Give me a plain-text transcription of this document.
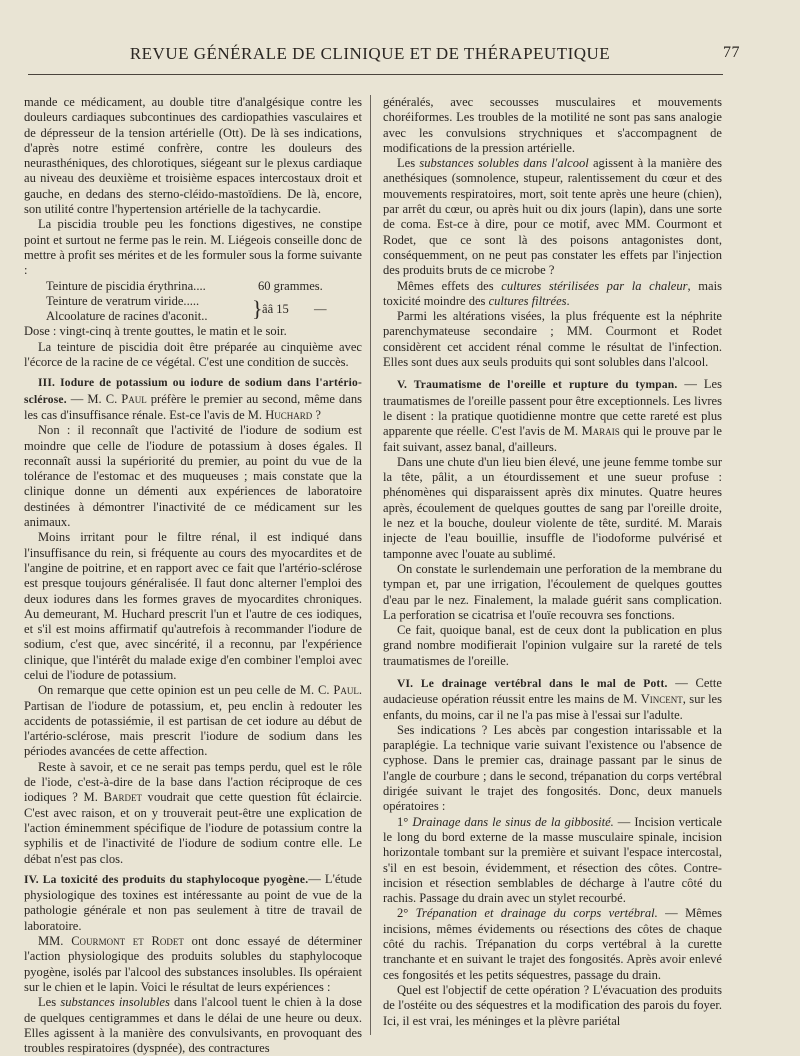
REVUE GÉNÉRALE DE CLINIQUE ET DE THÉRAPEUTIQUE	77

mande ce médicament, au double titre d'analgésique contre les douleurs cardiaques subcontinues des cardiopathies vasculaires et de dépresseur de la tension artérielle (Ott). De là ses indications, d'après notre estimé confrère, contre les douleurs des neurasthéniques, des chlorotiques, siégeant sur le plexus cardiaque au niveau des deuxième et troisième espaces intercostaux droit et gauche, en dedans des sterno-cléido-mastoïdiens. De là, encore, son utilité contre l'hypertension artérielle de la tachycardie.

La piscidia trouble peu les fonctions digestives, ne constipe point et surtout ne ferme pas le rein. M. Liégeois conseille donc de mettre à profit ses mérites et de les formuler sous la forme suivante :

Teinture de piscidia érythrina....	60 grammes.
Teinture de veratrum viride.....
Alcoolature de racines d'aconit..	} ââ 15 —

Dose : vingt-cinq à trente gouttes, le matin et le soir.

La teinture de piscidia doit être préparée au cinquième avec l'écorce de la racine de ce végétal. C'est une condition de succès.

III. Iodure de potassium ou iodure de sodium dans l'artério-sclérose. — M. C. Paul préfère le premier au second, même dans les cas d'insuffisance rénale. Est-ce l'avis de M. Huchard ?

Non : il reconnaît que l'activité de l'iodure de sodium est moindre que celle de l'iodure de potassium à doses égales. Il reconnaît aussi la supériorité du premier, au point du vue de la tolérance de l'estomac et des muqueuses ; mais constate que la clinique donne un démenti aux expériences de laboratoire destinées à démontrer l'inactivité de ce médicament sur les animaux.

Moins irritant pour le filtre rénal, il est indiqué dans l'insuffisance du rein, si fréquente au cours des myocardites et de l'angine de poitrine, et en rapport avec ce fait que l'artério-sclérose est presque toujours généralisée. Il faut donc alterner l'emploi des deux iodures dans les formes graves de myocardites chroniques. Au demeurant, M. Huchard prescrit l'un et l'autre de ces iodiques, et s'il est moins affirmatif qu'autrefois à recommander l'iodure de sodium, c'est que, avec sincérité, il a reconnu, par l'expérience clinique, que l'intérêt du malade exige d'en combiner l'emploi avec celui de l'iodure de potassium.

On remarque que cette opinion est un peu celle de M. C. Paul. Partisan de l'iodure de potassium, et, peu enclin à redouter les accidents de potassiémie, il est partisan de cet iodure au début de l'artério-sclérose, mais prescrit l'iodure de sodium dans les périodes avancées de cette affection.

Reste à savoir, et ce ne serait pas temps perdu, quel est le rôle de l'iode, c'est-à-dire de la base dans l'action réciproque de ces iodiques ? M. Bardet voudrait que cette question fût éclaircie. C'est avec raison, et on y trouverait peut-être une explication de l'action éminemment spécifique de l'iodure de potassium contre la syphilis et de l'inactivité de l'iodure de sodium contre elle. Le débat n'est pas clos.

IV. La toxicité des produits du staphylocoque pyogène.— L'étude physiologique des toxines est intéressante au point de vue de la pathologie générale et non pas seulement à titre de travail de laboratoire.

MM. Courmont et Rodet ont donc essayé de déterminer l'action physiologique des produits solubles du staphylocoque pyogène, isolés par l'alcool des substances insolubles. Ils opéraient sur le chien et le lapin. Voici le résultat de leurs expériences :

Les substances insolubles dans l'alcool tuent le chien à la dose de quelques centigrammes et dans le délai de une heure ou deux. Elles agissent à la manière des convulsivants, en provoquant des troubles respiratoires (dyspnée), des contractures

généralés, avec secousses musculaires et mouvements choréiformes. Les troubles de la motilité ne sont pas sans analogie avec les convulsions strychniques et s'accompagnent de modifications de la pression artérielle.

Les substances solubles dans l'alcool agissent à la manière des anethésiques (somnolence, stupeur, ralentissement du cœur et des mouvements respiratoires, mort, soit tente après une heure (chien), par arrêt du cœur, ou après huit ou dix jours (lapin), dans une sorte de coma. Est-ce à dire, pour ce motif, avec MM. Courmont et Rodet, que ce sont là des poisons antagonistes dont, conséquemment, on ne peut pas constater les effets par l'injection des produits bruts de ce microbe ?

Mêmes effets des cultures stérilisées par la chaleur, mais toxicité moindre des cultures filtrées.

Parmi les altérations visées, la plus fréquente est la néphrite parenchymateuse secondaire ; MM. Courmont et Rodet considèrent cet accident rénal comme le résultat de l'infection. Elles sont dues aux seuls produits qui sont solubles dans l'alcool.

V. Traumatisme de l'oreille et rupture du tympan. — Les traumatismes de l'oreille passent pour être exceptionnels. Les livres le disent : la pratique quotidienne montre que cette rareté est plus apparente que réelle. C'est l'avis de M. Marais qui le prouve par le fait suivant, assez banal, d'ailleurs.

Dans une chute d'un lieu bien élevé, une jeune femme tombe sur la tête, pâlit, a un étourdissement et une sueur profuse : phénomènes qui disparaissent après dix minutes. Quatre heures après, écoulement de quelques gouttes de sang par l'oreille droite, le nez et la bouche, douleur violente de tête, surdité. M. Marais injecte de l'eau bouillie, insuffle de l'iodoforme pulvérisé et tamponne avec l'ouate au sublimé.

On constate le surlendemain une perforation de la membrane du tympan et, par une irrigation, l'écoulement de quelques gouttes d'eau par le nez. Finalement, la malade guérit sans complication. La perforation se cicatrisa et l'ouïe recouvra ses fonctions.

Ce fait, quoique banal, est de ceux dont la publication en plus grand nombre modifierait l'opinion vulgaire sur la rareté de tels traumatismes de l'oreille.

VI. Le drainage vertébral dans le mal de Pott. — Cette audacieuse opération réussit entre les mains de M. Vincent, sur les enfants, du moins, car il ne l'a pas mise à l'essai sur l'adulte.

Ses indications ? Les abcès par congestion intarissable et la paraplégie. La technique varie suivant l'existence ou l'absence de cyphose. Dans le premier cas, drainage passant par le sinus de l'angle de courbure ; dans le second, trépanation du corps vertébral dirigée suivant le trajet des fongosités. Donc, deux manuels opératoires :

1° Drainage dans le sinus de la gibbosité. — Incision verticale le long du bord externe de la masse musculaire spinale, incision horizontale tombant sur la première et suivant l'espace intercostal, s'il en est besoin, évidemment, et résection des côtes. Contre-incision et résection semblables de décharge à l'autre côté du rachis. Passage du drain avec un stylet recourbé.

2° Trépanation et drainage du corps vertébral. — Mêmes incisions, mêmes évidements ou résections des côtes de chaque côté du rachis. Trépanation du corps vertébral à la curette tranchante et en suivant le trajet des fongosités. Après avoir enlevé ces fongosités et les petits séquestres, passage du drain.

Quel est l'objectif de cette opération ? L'évacuation des produits de l'ostéite ou des séquestres et la modification des parois du foyer. Ici, il est vrai, les méninges et la plèvre pariétal
